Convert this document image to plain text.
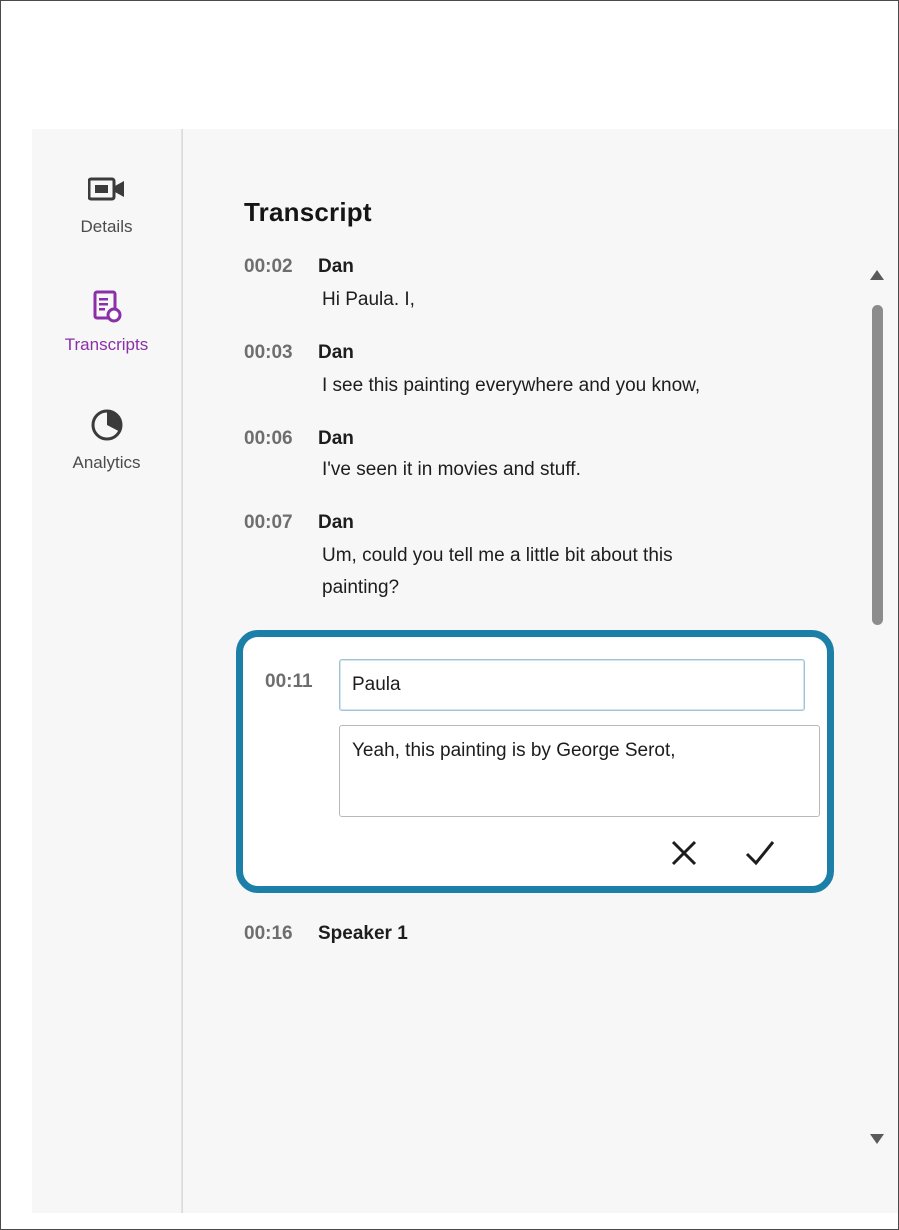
Details
Transcripts
Analytics
Transcript
00:02	Dan
Hi Paula. I,
00:03	Dan
I see this painting everywhere and you know,
00:06	Dan
I've seen it in movies and stuff.
00:07	Dan
Um, could you tell me a little bit about this painting?
00:11
Paula
Yeah, this painting is by George Serot,
00:16	Speaker 1
